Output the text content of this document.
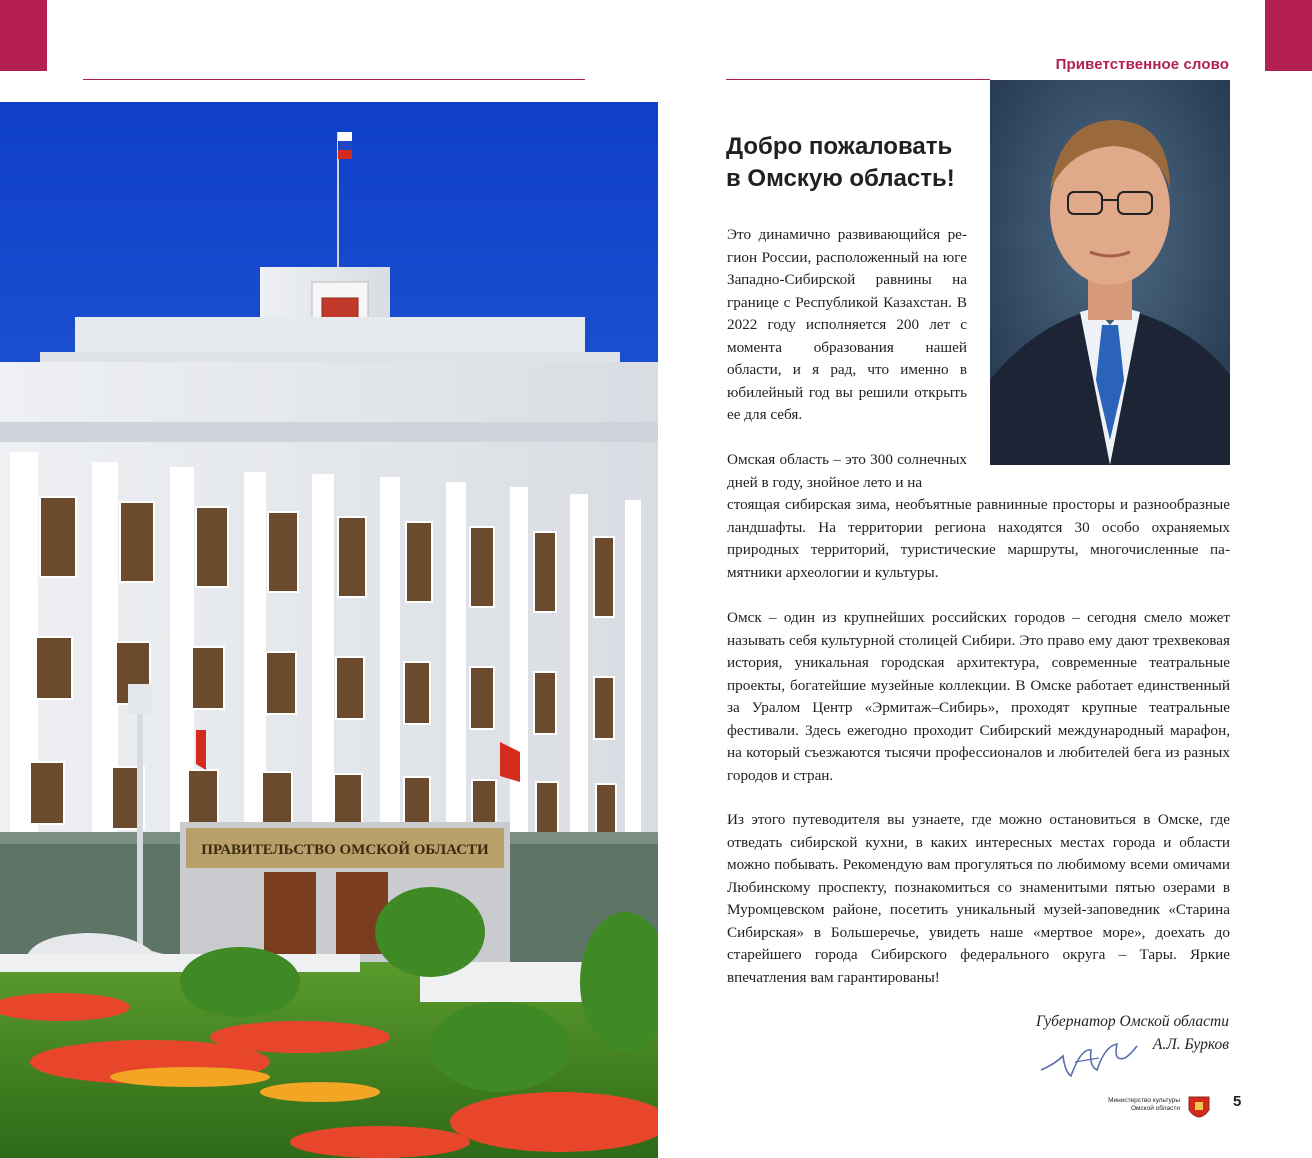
Приветственное слово
ПРАВИТЕЛЬСТВО ОМСКОЙ ОБЛАСТИ
Добро пожаловать
в Омскую область!

Это динамично развивающийся регион России, расположенный на юге Западно-Сибирской равнины на границе с Республикой Казахстан. В 2022 году исполняется 200 лет с момента образования нашей области, и я рад, что именно в юбилейный год вы решили открыть ее для себя.

Омская область – это 300 солнечных дней в году, знойное лето и на

стоящая сибирская зима, необъятные равнинные просторы и разнообразные ландшафты. На территории региона находятся 30 особо охраняемых природных территорий, туристические маршруты, многочисленные памятники археологии и культуры.

Омск – один из крупнейших российских городов – сегодня смело может называть себя культурной столицей Сибири. Это право ему дают трехвековая история, уникальная городская архитектура, современные театральные проекты, богатейшие музейные коллекции. В Омске работает единственный за Уралом Центр «Эрмитаж–Сибирь», проходят крупные театральные фестивали. Здесь ежегодно проходит Сибирский международный марафон, на который съезжаются тысячи профессионалов и любителей бега из разных городов и стран.

Из этого путеводителя вы узнаете, где можно остановиться в Омске, где отведать сибирской кухни, в каких интересных местах города и области можно побывать. Рекомендую вам прогуляться по любимому всеми омичами Любинскому проспекту, познакомиться со знаменитыми пятью озерами в Муромцевском районе, посетить уникальный музей-заповедник «Старина Сибирская» в Большеречье, увидеть наше «мертвое море», доехать до старейшего города Сибирского федерального округа – Тары. Яркие впечатления вам гарантированы!

Губернатор Омской области
А.Л. Бурков
Министерство культуры
Омской области	5
